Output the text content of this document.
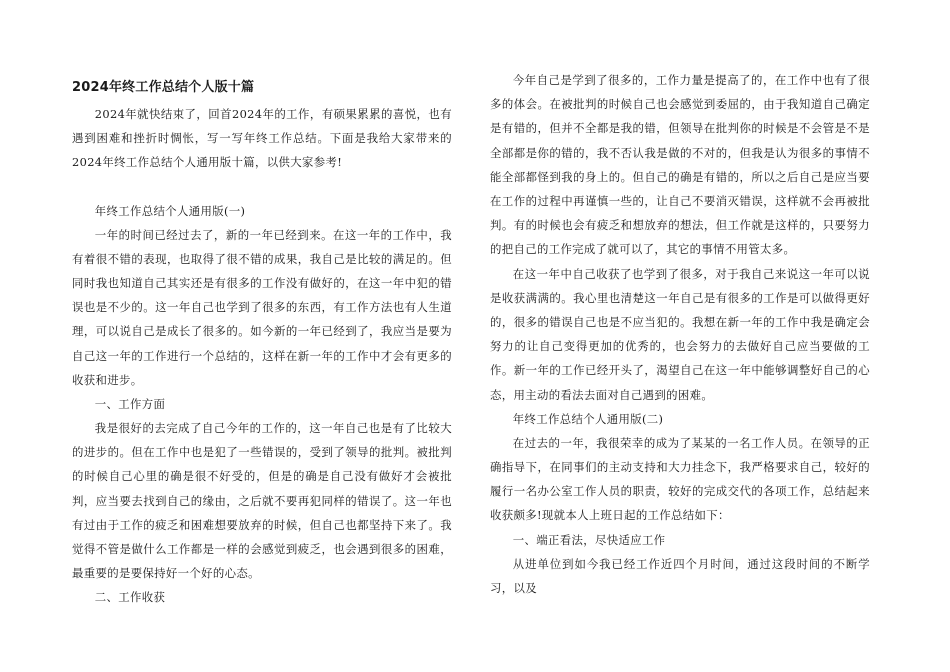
2024年终工作总结个人版十篇

2024年就快结束了，回首2024年的工作，有硕果累累的喜悦，也有遇到困难和挫折时惆怅，写一写年终工作总结。下面是我给大家带来的2024年终工作总结个人通用版十篇，以供大家参考!

年终工作总结个人通用版(一)

一年的时间已经过去了，新的一年已经到来。在这一年的工作中，我有着很不错的表现，也取得了很不错的成果，我自己是比较的满足的。但同时我也知道自己其实还是有很多的工作没有做好的，在这一年中犯的错误也是不少的。这一年自己也学到了很多的东西，有工作方法也有人生道理，可以说自己是成长了很多的。如今新的一年已经到了，我应当是要为自己这一年的工作进行一个总结的，这样在新一年的工作中才会有更多的收获和进步。

一、工作方面

我是很好的去完成了自己今年的工作的，这一年自己也是有了比较大的进步的。但在工作中也是犯了一些错误的，受到了领导的批判。被批判的时候自己心里的确是很不好受的，但是的确是自己没有做好才会被批判，应当要去找到自己的缘由，之后就不要再犯同样的错误了。这一年也有过由于工作的疲乏和困难想要放弃的时候，但自己也都坚持下来了。我觉得不管是做什么工作都是一样的会感觉到疲乏，也会遇到很多的困难，最重要的是要保持好一个好的心态。

二、工作收获

今年自己是学到了很多的，工作力量是提高了的，在工作中也有了很多的体会。在被批判的时候自己也会感觉到委屈的，由于我知道自己确定是有错的，但并不全都是我的错，但领导在批判你的时候是不会管是不是全部都是你的错的，我不否认我是做的不对的，但我是认为很多的事情不能全部都怪到我的身上的。但自己的确是有错的，所以之后自己是应当要在工作的过程中再谨慎一些的，让自己不要消灭错误，这样就不会再被批判。有的时候也会有疲乏和想放弃的想法，但工作就是这样的，只要努力的把自己的工作完成了就可以了，其它的事情不用管太多。

在这一年中自己收获了也学到了很多，对于我自己来说这一年可以说是收获满满的。我心里也清楚这一年自己是有很多的工作是可以做得更好的，很多的错误自己也是不应当犯的。我想在新一年的工作中我是确定会努力的让自己变得更加的优秀的，也会努力的去做好自己应当要做的工作。新一年的工作已经开头了，渴望自己在这一年中能够调整好自己的心态，用主动的看法去面对自己遇到的困难。

年终工作总结个人通用版(二)

在过去的一年，我很荣幸的成为了某某的一名工作人员。在领导的正确指导下，在同事们的主动支持和大力挂念下，我严格要求自己，较好的履行一名办公室工作人员的职责，较好的完成交代的各项工作，总结起来收获颇多!现就本人上班日起的工作总结如下：

一、端正看法，尽快适应工作

从进单位到如今我已经工作近四个月时间，通过这段时间的不断学习，以及
